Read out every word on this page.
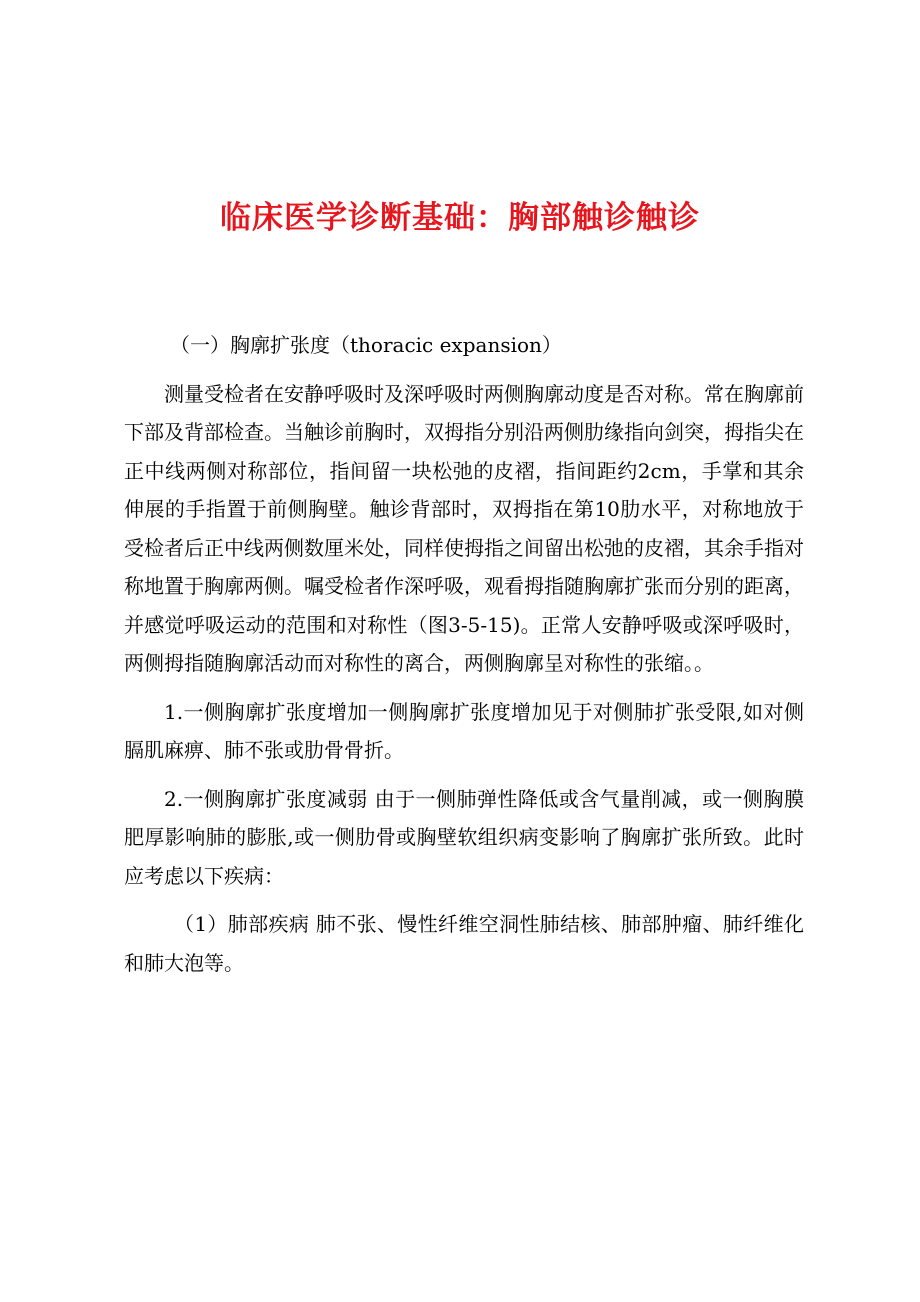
临床医学诊断基础：胸部触诊触诊

（一）胸廓扩张度（thoracic expansion）

测量受检者在安静呼吸时及深呼吸时两侧胸廓动度是否对称。常在胸廓前下部及背部检查。当触诊前胸时，双拇指分别沿两侧肋缘指向剑突，拇指尖在正中线两侧对称部位，指间留一块松弛的皮褶，指间距约2cm，手掌和其余伸展的手指置于前侧胸壁。触诊背部时，双拇指在第10肋水平，对称地放于受检者后正中线两侧数厘米处，同样使拇指之间留出松弛的皮褶，其余手指对称地置于胸廓两侧。嘱受检者作深呼吸，观看拇指随胸廓扩张而分别的距离，并感觉呼吸运动的范围和对称性（图3-5-15)。正常人安静呼吸或深呼吸时，两侧拇指随胸廓活动而对称性的离合，两侧胸廓呈对称性的张缩。。

1.一侧胸廓扩张度增加一侧胸廓扩张度增加见于对侧肺扩张受限,如对侧膈肌麻痹、肺不张或肋骨骨折。

2.一侧胸廓扩张度减弱 由于一侧肺弹性降低或含气量削减，或一侧胸膜肥厚影响肺的膨胀,或一侧肋骨或胸壁软组织病变影响了胸廓扩张所致。此时应考虑以下疾病：

（1）肺部疾病 肺不张、慢性纤维空洞性肺结核、肺部肿瘤、肺纤维化和肺大泡等。
